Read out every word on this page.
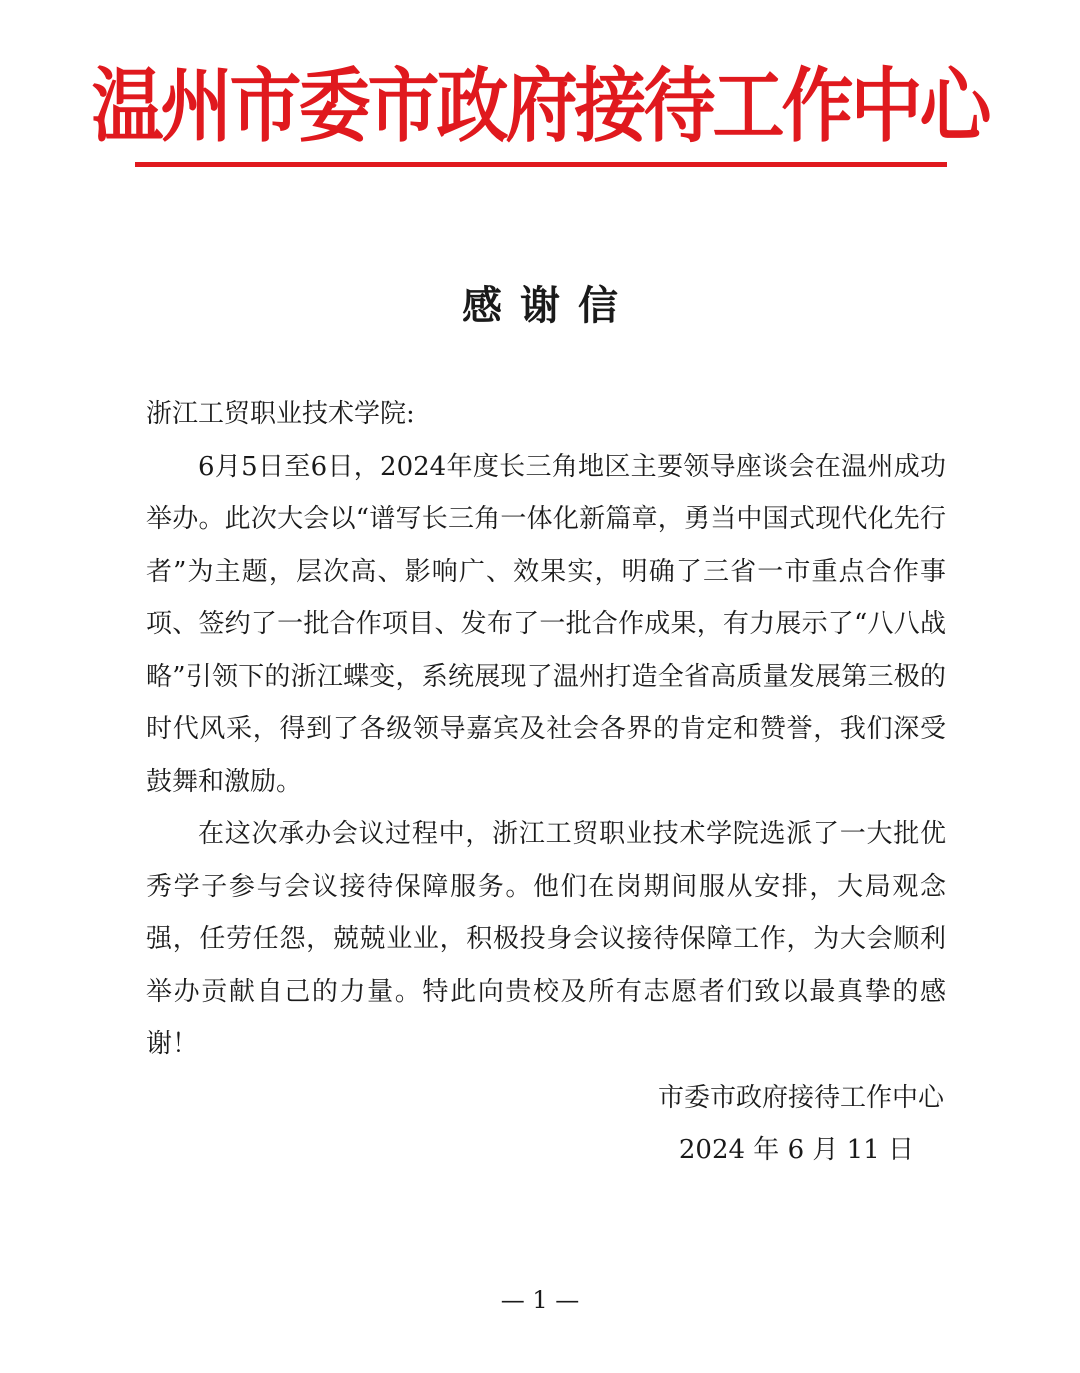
温州市委市政府接待工作中心
感谢信

浙江工贸职业技术学院:

6月5日至6日，2024年度长三角地区主要领导座谈会在温州成功举办。此次大会以“谱写长三角一体化新篇章，勇当中国式现代化先行者”为主题，层次高、影响广、效果实，明确了三省一市重点合作事项、签约了一批合作项目、发布了一批合作成果，有力展示了“八八战略”引领下的浙江蝶变，系统展现了温州打造全省高质量发展第三极的时代风采，得到了各级领导嘉宾及社会各界的肯定和赞誉，我们深受鼓舞和激励。

在这次承办会议过程中，浙江工贸职业技术学院选派了一大批优秀学子参与会议接待保障服务。他们在岗期间服从安排，大局观念强，任劳任怨，兢兢业业，积极投身会议接待保障工作，为大会顺利举办贡献自己的力量。特此向贵校及所有志愿者们致以最真挚的感谢！

市委市政府接待工作中心
2024 年 6 月 11 日
— 1 —
